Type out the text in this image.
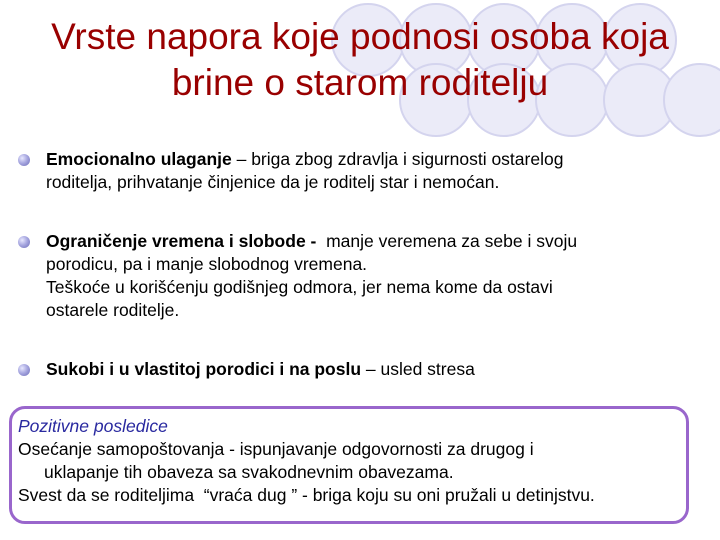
Vrste napora koje podnosi osoba koja
brine o starom roditelju
Emocionalno ulaganje – briga zbog zdravlja i sigurnosti ostarelog
roditelja, prihvatanje činjenice da je roditelj star i nemoćan.
Ograničenje vremena i slobode -  manje veremena za sebe i svoju
porodicu, pa i manje slobodnog vremena.
Teškoće u korišćenju godišnjeg odmora, jer nema kome da ostavi
ostarele roditelje.
Sukobi i u vlastitoj porodici i na poslu – usled stresa
Pozitivne posledice
Osećanje samopoštovanja - ispunjavanje odgovornosti za drugog i
uklapanje tih obaveza sa svakodnevnim obavezama.
Svest da se roditeljima  “vraća dug ” - briga koju su oni pružali u detinjstvu.
